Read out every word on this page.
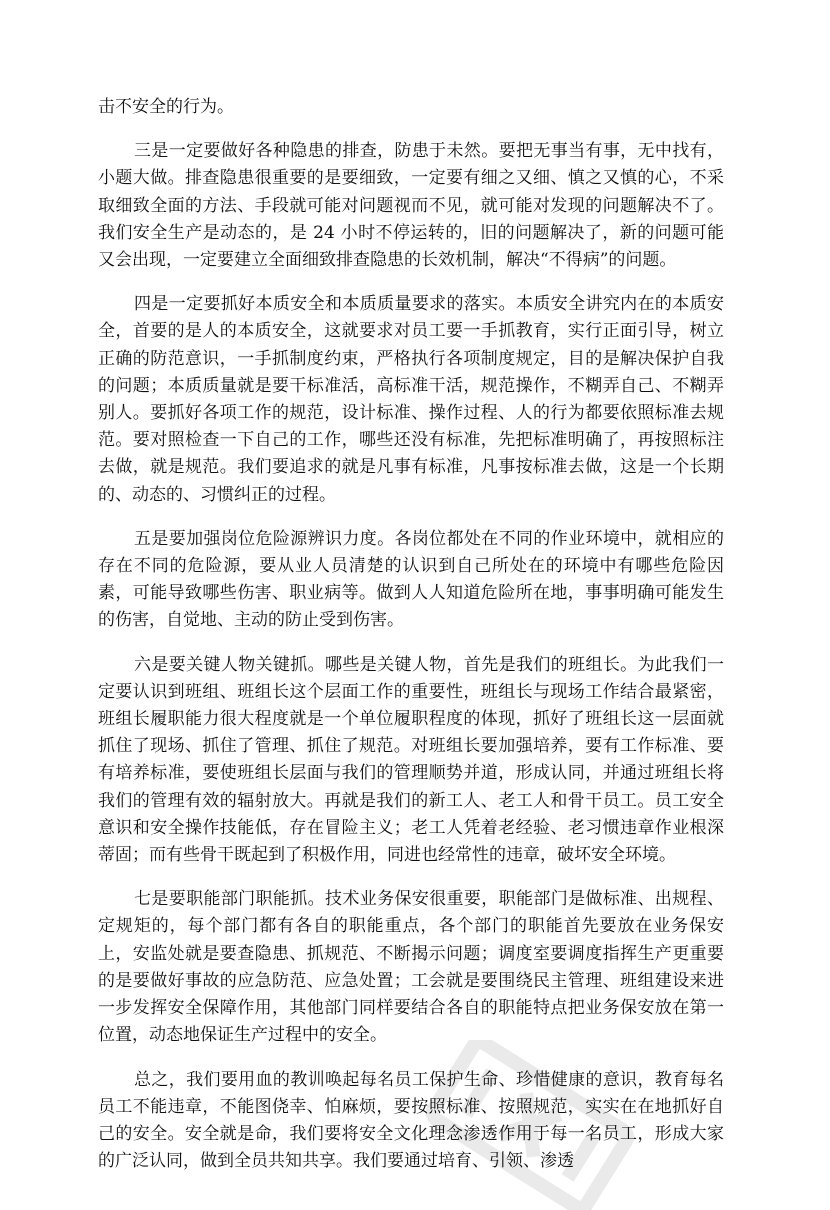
击不安全的行为。

三是一定要做好各种隐患的排查，防患于未然。要把无事当有事，无中找有，小题大做。排查隐患很重要的是要细致，一定要有细之又细、慎之又慎的心，不采取细致全面的方法、手段就可能对问题视而不见，就可能对发现的问题解决不了。我们安全生产是动态的，是 24 小时不停运转的，旧的问题解决了，新的问题可能又会出现，一定要建立全面细致排查隐患的长效机制，解决“不得病”的问题。

四是一定要抓好本质安全和本质质量要求的落实。本质安全讲究内在的本质安全，首要的是人的本质安全，这就要求对员工要一手抓教育，实行正面引导，树立正确的防范意识，一手抓制度约束，严格执行各项制度规定，目的是解决保护自我的问题；本质质量就是要干标准活，高标准干活，规范操作，不糊弄自己、不糊弄别人。要抓好各项工作的规范，设计标准、操作过程、人的行为都要依照标准去规范。要对照检查一下自己的工作，哪些还没有标准，先把标准明确了，再按照标注去做，就是规范。我们要追求的就是凡事有标准，凡事按标准去做，这是一个长期的、动态的、习惯纠正的过程。

五是要加强岗位危险源辨识力度。各岗位都处在不同的作业环境中，就相应的存在不同的危险源，要从业人员清楚的认识到自己所处在的环境中有哪些危险因素，可能导致哪些伤害、职业病等。做到人人知道危险所在地，事事明确可能发生的伤害，自觉地、主动的防止受到伤害。

六是要关键人物关键抓。哪些是关键人物，首先是我们的班组长。为此我们一定要认识到班组、班组长这个层面工作的重要性，班组长与现场工作结合最紧密，班组长履职能力很大程度就是一个单位履职程度的体现，抓好了班组长这一层面就抓住了现场、抓住了管理、抓住了规范。对班组长要加强培养，要有工作标准、要有培养标准，要使班组长层面与我们的管理顺势并道，形成认同，并通过班组长将我们的管理有效的辐射放大。再就是我们的新工人、老工人和骨干员工。员工安全意识和安全操作技能低，存在冒险主义；老工人凭着老经验、老习惯违章作业根深蒂固；而有些骨干既起到了积极作用，同进也经常性的违章，破坏安全环境。

七是要职能部门职能抓。技术业务保安很重要，职能部门是做标准、出规程、定规矩的，每个部门都有各自的职能重点，各个部门的职能首先要放在业务保安上，安监处就是要查隐患、抓规范、不断揭示问题；调度室要调度指挥生产更重要的是要做好事故的应急防范、应急处置；工会就是要围绕民主管理、班组建设来进一步发挥安全保障作用，其他部门同样要结合各自的职能特点把业务保安放在第一位置，动态地保证生产过程中的安全。

总之，我们要用血的教训唤起每名员工保护生命、珍惜健康的意识，教育每名员工不能违章，不能图侥幸、怕麻烦，要按照标准、按照规范，实实在在地抓好自己的安全。安全就是命，我们要将安全文化理念渗透作用于每一名员工，形成大家的广泛认同，做到全员共知共享。我们要通过培育、引领、渗透
